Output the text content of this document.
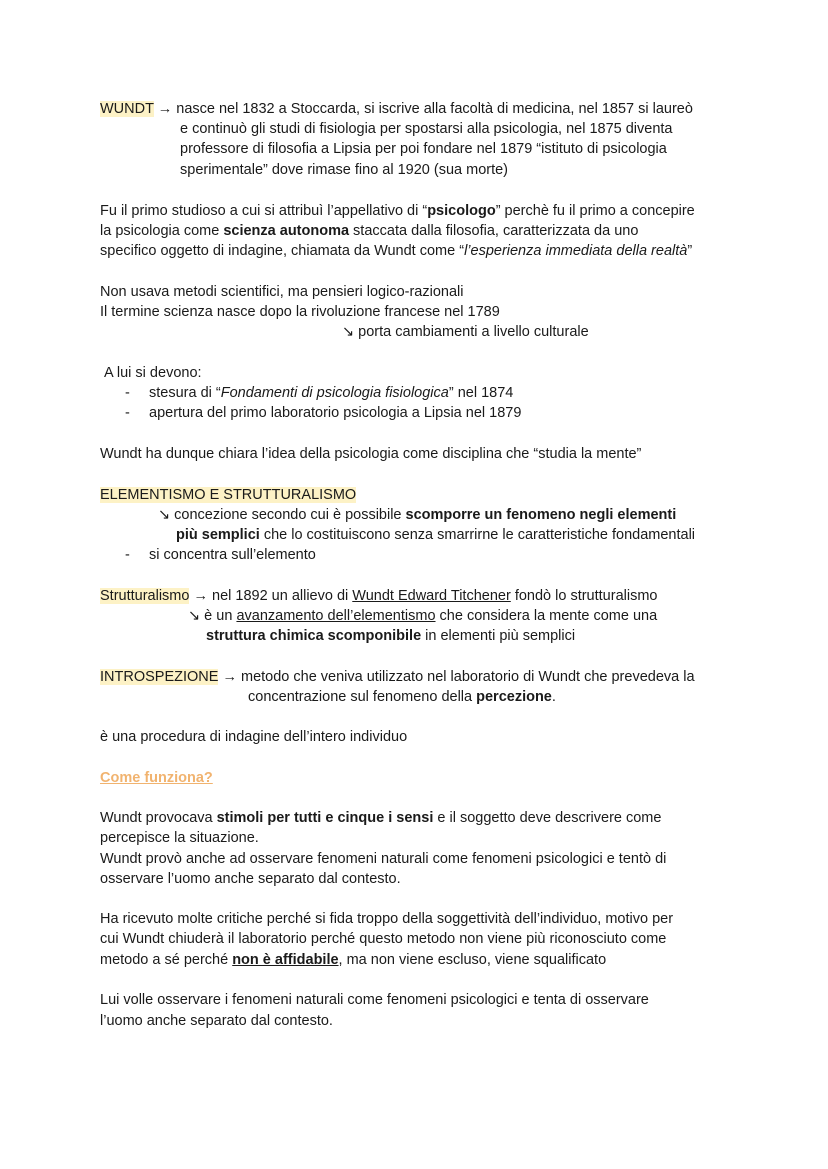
WUNDT → nasce nel 1832 a Stoccarda, si iscrive alla facoltà di medicina, nel 1857 si laureò
e continuò gli studi di fisiologia per spostarsi alla psicologia, nel 1875 diventa
professore di filosofia a Lipsia per poi fondare nel 1879 “istituto di psicologia
sperimentale” dove rimase fino al 1920 (sua morte)
Fu il primo studioso a cui si attribuì l’appellativo di “psicologo” perchè fu il primo a concepire
la psicologia come scienza autonoma staccata dalla filosofia, caratterizzata da uno
specifico oggetto di indagine, chiamata da Wundt come “l’esperienza immediata della realtà”
Non usava metodi scientifici, ma pensieri logico-razionali
Il termine scienza nasce dopo la rivoluzione francese nel 1789
↘ porta cambiamenti a livello culturale
A lui si devono:
- stesura di “Fondamenti di psicologia fisiologica” nel 1874
- apertura del primo laboratorio psicologia a Lipsia nel 1879
Wundt ha dunque chiara l’idea della psicologia come disciplina che “studia la mente”
ELEMENTISMO E STRUTTURALISMO
↘ concezione secondo cui è possibile scomporre un fenomeno negli elementi
più semplici che lo costituiscono senza smarrirne le caratteristiche fondamentali
- si concentra sull’elemento
Strutturalismo → nel 1892 un allievo di Wundt Edward Titchener fondò lo strutturalismo
↘ è un avanzamento dell’elementismo che considera la mente come una
struttura chimica scomponibile in elementi più semplici
INTROSPEZIONE → metodo che veniva utilizzato nel laboratorio di Wundt che prevedeva la
concentrazione sul fenomeno della percezione.
è una procedura di indagine dell’intero individuo
Come funziona?
Wundt provocava stimoli per tutti e cinque i sensi e il soggetto deve descrivere come
percepisce la situazione.
Wundt provò anche ad osservare fenomeni naturali come fenomeni psicologici e tentò di
osservare l’uomo anche separato dal contesto.
Ha ricevuto molte critiche perché si fida troppo della soggettività dell’individuo, motivo per
cui Wundt chiuderà il laboratorio perché questo metodo non viene più riconosciuto come
metodo a sé perché non è affidabile, ma non viene escluso, viene squalificato
Lui volle osservare i fenomeni naturali come fenomeni psicologici e tenta di osservare
l’uomo anche separato dal contesto.
